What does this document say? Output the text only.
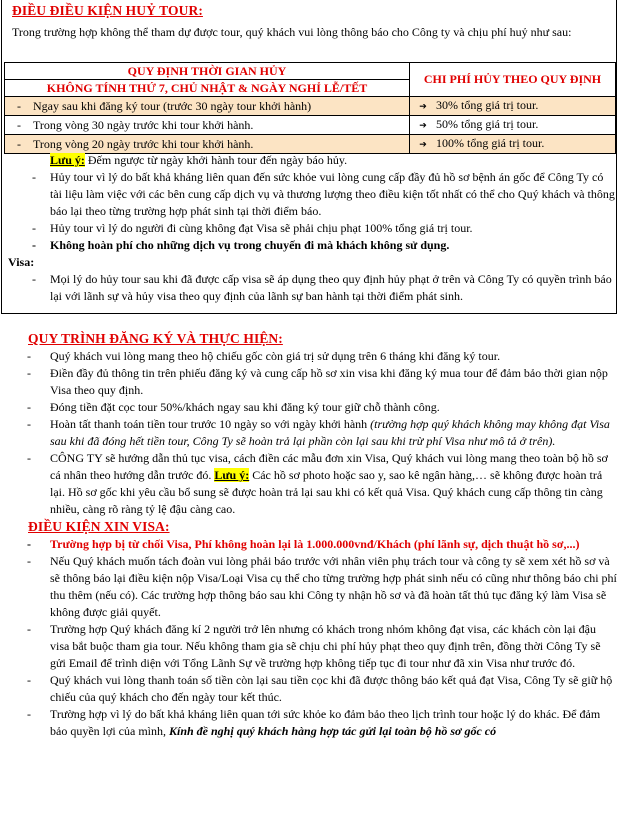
ĐIỀU ĐIỀU KIỆN HUỶ TOUR:
Trong trường hợp không thể tham dự được tour, quý khách vui lòng thông báo cho Công ty và chịu phí huỷ như sau:
QUY ĐỊNH THỜI GIAN HỦY	CHI PHÍ HỦY THEO QUY ĐỊNH
KHÔNG TÍNH THỨ 7, CHỦ NHẬT & NGÀY NGHỈ LỄ/TẾT	
- Ngay sau khi đăng ký tour (trước 30 ngày tour khởi hành)	➔ 30% tổng giá trị tour.
- Trong vòng 30 ngày trước khi tour khởi hành.	➔ 50% tổng giá trị tour.
- Trong vòng 20 ngày trước khi tour khởi hành.	➔ 100% tổng giá trị tour.
Lưu ý: Đếm ngược từ ngày khởi hành tour đến ngày báo hủy.
- Hủy tour vì lý do bất khả kháng liên quan đến sức khỏe vui lòng cung cấp đầy đủ hồ sơ bệnh án gốc để Công Ty có tài liệu làm việc với các bên cung cấp dịch vụ và thương lượng theo điều kiện tốt nhất có thể cho Quý khách và thông báo lại theo từng trường hợp phát sinh tại thời điểm báo.
- Hủy tour vì lý do người đi cùng không đạt Visa sẽ phải chịu phạt 100% tổng giá trị tour.
- Không hoàn phí cho những dịch vụ trong chuyến đi mà khách không sử dụng.
Visa:
- Mọi lý do hủy tour sau khi đã được cấp visa sẽ áp dụng theo quy định hủy phạt ở trên và Công Ty có quyền trình báo lại với lãnh sự và hủy visa theo quy định của lãnh sự ban hành tại thời điểm phát sinh.
QUY TRÌNH ĐĂNG KÝ VÀ THỰC HIỆN:
- Quý khách vui lòng mang theo hộ chiếu gốc còn giá trị sử dụng trên 6 tháng khi đăng ký tour.
- Điền đầy đủ thông tin trên phiếu đăng ký và cung cấp hồ sơ xin visa khi đăng ký mua tour để đảm bảo thời gian nộp Visa theo quy định.
- Đóng tiền đặt cọc tour 50%/khách ngay sau khi đăng ký tour giữ chỗ thành công.
- Hoàn tất thanh toán tiền tour trước 10 ngày so với ngày khởi hành (trường hợp quý khách không may không đạt Visa sau khi đã đóng hết tiền tour, Công Ty sẽ hoàn trả lại phần còn lại sau khi trừ phí Visa như mô tả ở trên).
- CÔNG TY sẽ hướng dẫn thủ tục visa, cách điền các mẫu đơn xin Visa, Quý khách vui lòng mang theo toàn bộ hồ sơ cá nhân theo hướng dẫn trước đó. Lưu ý: Các hồ sơ photo hoặc sao y, sao kê ngân hàng,… sẽ không được hoàn trả lại. Hồ sơ gốc khi yêu cầu bổ sung sẽ được hoàn trả lại sau khi có kết quả Visa. Quý khách cung cấp thông tin càng nhiều, càng rõ ràng tỷ lệ đậu càng cao.
ĐIỀU KIỆN XIN VISA:
- Trường hợp bị từ chối Visa, Phí không hoàn lại là 1.000.000vnđ/Khách (phí lãnh sự, dịch thuật hồ sơ,...)
- Nếu Quý khách muốn tách đoàn vui lòng phải báo trước với nhân viên phụ trách tour và công ty sẽ xem xét hồ sơ và sẽ thông báo lại điều kiện nộp Visa/Loại Visa cụ thể cho từng trường hợp phát sinh nếu có cũng như thông báo chi phí thu thêm (nếu có). Các trường hợp thông báo sau khi Công ty nhận hồ sơ và đã hoàn tất thủ tục đăng ký làm Visa sẽ không được giải quyết.
- Trường hợp Quý khách đăng kí 2 người trở lên nhưng có khách trong nhóm không đạt visa, các khách còn lại đậu visa bắt buộc tham gia tour. Nếu không tham gia sẽ chịu chi phí hủy phạt theo quy định trên, đồng thời Công Ty sẽ gửi Email để trình diện với Tổng Lãnh Sự về trường hợp không tiếp tục đi tour như đã xin Visa như trước đó.
- Quý khách vui lòng thanh toán số tiền còn lại sau tiền cọc khi đã được thông báo kết quả đạt Visa, Công Ty sẽ giữ hộ chiếu của quý khách cho đến ngày tour kết thúc.
- Trường hợp vì lý do bất khả kháng liên quan tới sức khỏe ko đảm bảo theo lịch trình tour hoặc lý do khác. Để đảm bảo quyền lợi của mình, Kính đề nghị quý khách hàng hợp tác gửi lại toàn bộ hồ sơ gốc có
